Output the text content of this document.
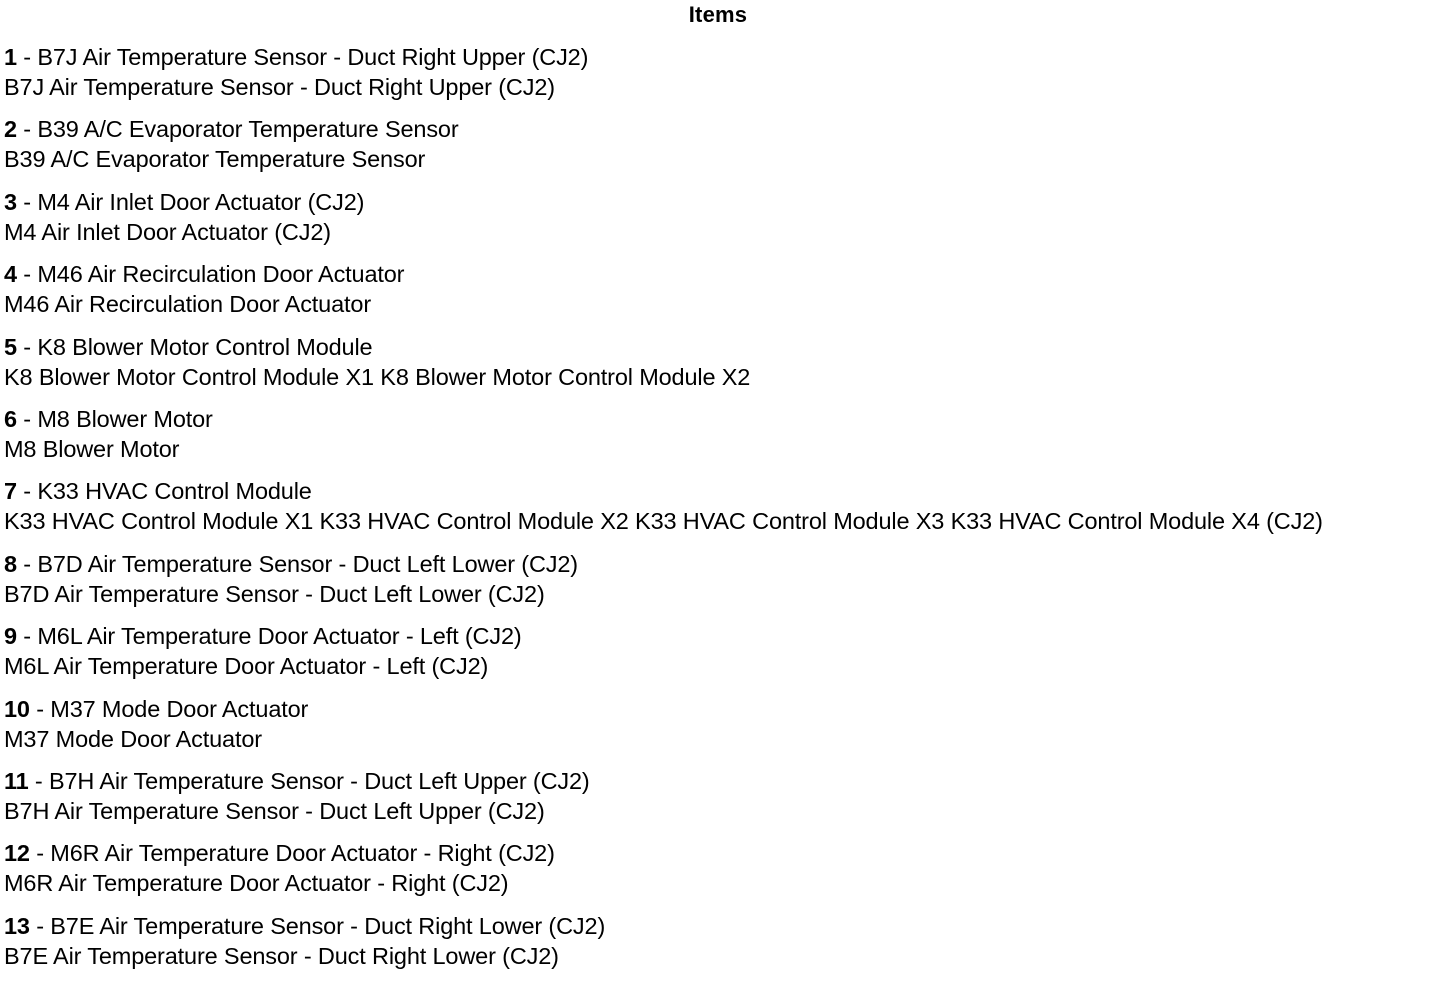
Items
1 - B7J Air Temperature Sensor - Duct Right Upper (CJ2)
B7J Air Temperature Sensor - Duct Right Upper (CJ2)
2 - B39 A/C Evaporator Temperature Sensor
B39 A/C Evaporator Temperature Sensor
3 - M4 Air Inlet Door Actuator (CJ2)
M4 Air Inlet Door Actuator (CJ2)
4 - M46 Air Recirculation Door Actuator
M46 Air Recirculation Door Actuator
5 - K8 Blower Motor Control Module
K8 Blower Motor Control Module X1 K8 Blower Motor Control Module X2
6 - M8 Blower Motor
M8 Blower Motor
7 - K33 HVAC Control Module
K33 HVAC Control Module X1 K33 HVAC Control Module X2 K33 HVAC Control Module X3 K33 HVAC Control Module X4 (CJ2)
8 - B7D Air Temperature Sensor - Duct Left Lower (CJ2)
B7D Air Temperature Sensor - Duct Left Lower (CJ2)
9 - M6L Air Temperature Door Actuator - Left (CJ2)
M6L Air Temperature Door Actuator - Left (CJ2)
10 - M37 Mode Door Actuator
M37 Mode Door Actuator
11 - B7H Air Temperature Sensor - Duct Left Upper (CJ2)
B7H Air Temperature Sensor - Duct Left Upper (CJ2)
12 - M6R Air Temperature Door Actuator - Right (CJ2)
M6R Air Temperature Door Actuator - Right (CJ2)
13 - B7E Air Temperature Sensor - Duct Right Lower (CJ2)
B7E Air Temperature Sensor - Duct Right Lower (CJ2)
